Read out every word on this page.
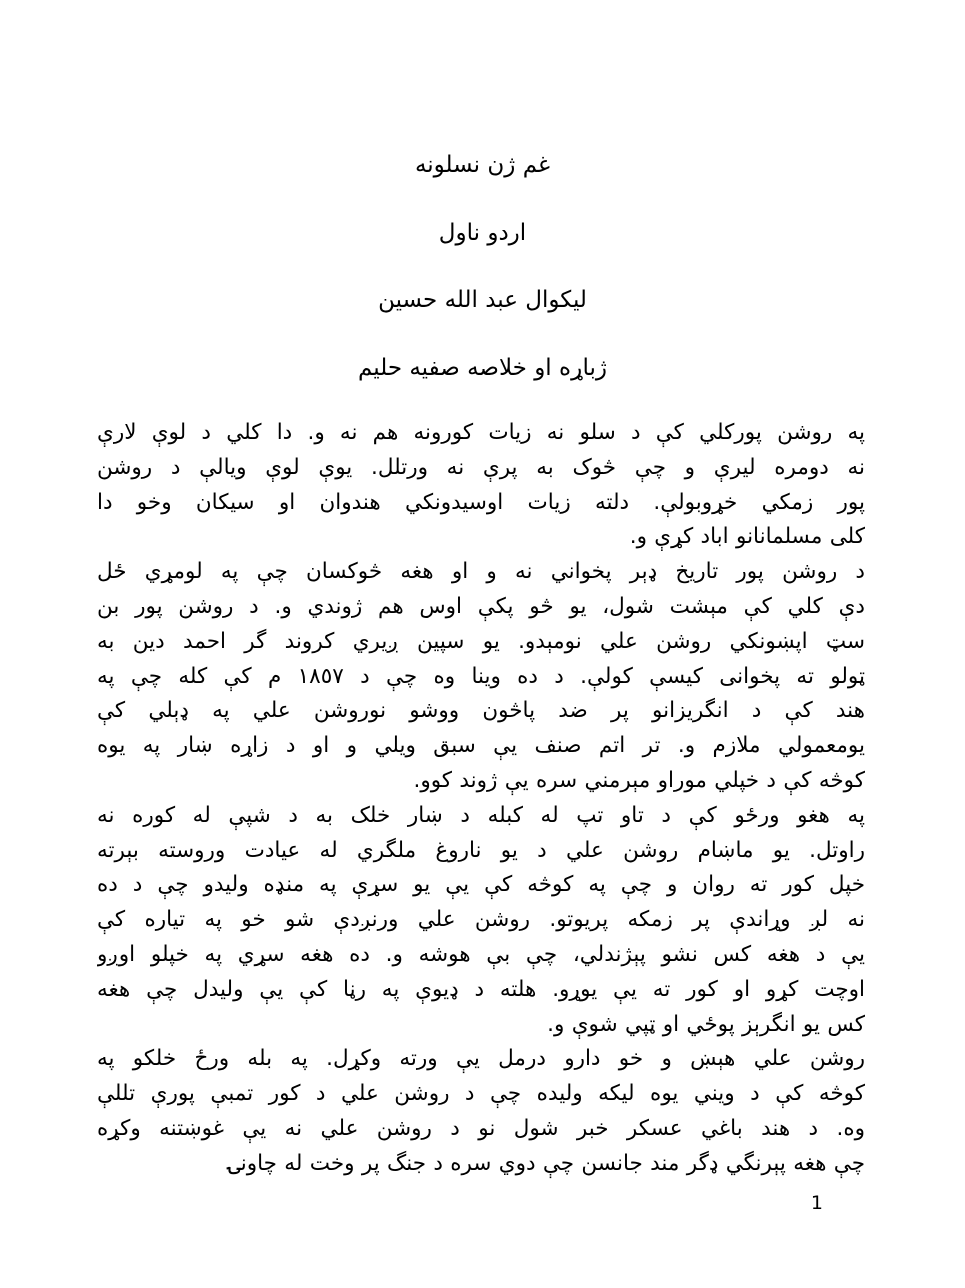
غم ژن نسلونه
اردو ناول
ليکوال عبد الله حسين
ژباړه او خلاصه صفيه حليم
په روشن پورکلي کې د سلو نه زيات کورونه هم نه و. دا کلي د لوې لارې
نه دومره ليرې و چې څوک به پرې نه ورتلل. يوې لوې ويالې د روشن
پور زمکي خړوبولې. دلته زيات اوسيدونکي هندوان او سيکان وخو دا
کلی مسلمانانو اباد کړې و.
د روشن پور تاريخ ډېر پخواني نه و او هغه څوکسان چې په لومړي ځل
دې کلي کې مېشت شول، يو څو پکې اوس هم ژوندي و. د روشن پور بن
سټ اپښونکي روشن علي نومېدو. يو سپين ږيري کروند گر احمد دين به
ټولو ته پخوانی کيسې کولې. د ده وينا وه چې د ١٨٥٧ م کې کله چې په
هند کې د انگريزانو پر ضد پاڅون ووشو نوروشن علي په ډېلي کې
يومعمولي ملازم و. تر اتم صنف يې سبق ويلي و او د زاړه ښار په يوه
کوڅه کې د خپلي موراو مېرمني سره يې ژوند کوو.
په هغو ورځو کې د تاو تپ له کبله د ښار خلک به د شپې له کوره نه
راوتل. يو ماښام روشن علي د يو ناروغ ملگري له عيادت وروسته بېرته
خپل کور ته روان و چې په کوڅه کې يې يو سړې په منډه وليدو چې د ده
نه لږ وړاندې پر زمکه پريوتو. روشن علي ورنږدې شو خو په تياره کې
يې د هغه کس نشو پېژندلي، چې بې هوشه و. ده هغه سړي په خپلو اوږو
اوچت کړو او کور ته يې يوړو. هلته د ډيوې په رڼا کې يې وليدل چې هغه
کس يو انگرېز پوځي او ټپي شوې و.
روشن علي هېښ و خو دارو درمل يې ورته وکړل. په بله ورځ خلکو په
کوڅه کې د ويني يوه ليکه وليده چې د روشن علي د کور تمبې پورې تللې
وه. د هند باغي عسکر خبر شول نو د روشن علي نه يې غوښتنه وکړه
چې هغه پېرنگي ډگر مند جانسن چې دوي سره د جنگ پر وخت له چاونۍ
1
